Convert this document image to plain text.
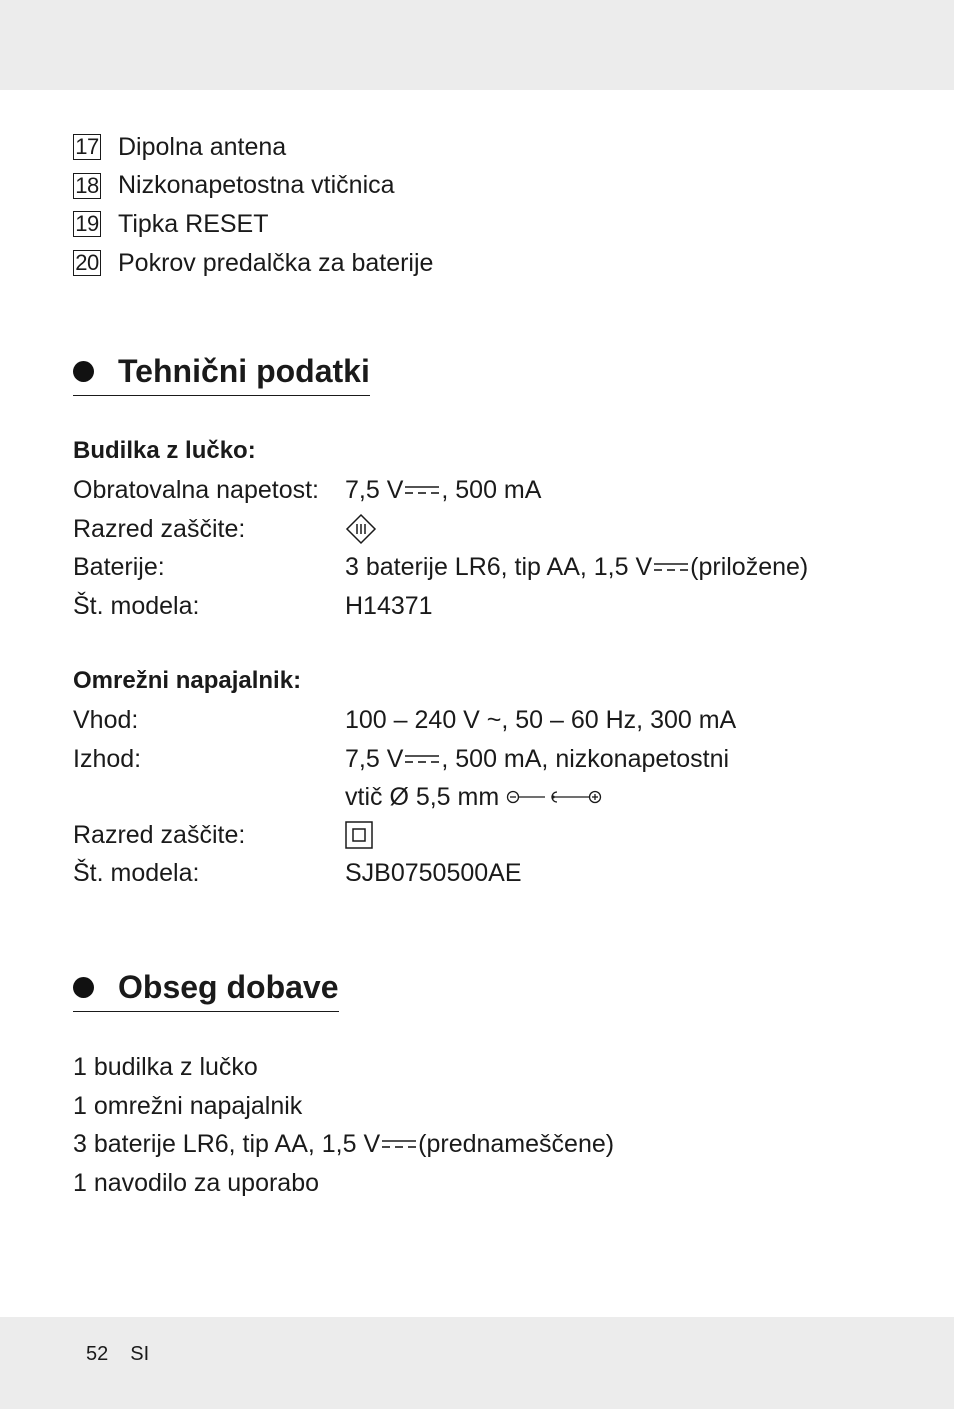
17 Dipolna antena
18 Nizkonapetostna vtičnica
19 Tipka RESET
20 Pokrov predalčka za baterije
Tehnični podatki
Budilka z lučko:
Obratovalna napetost:	7,5 V , 500 mA
Razred zaščite:
Baterije:	3 baterije LR6, tip AA, 1,5 V (priložene)
Št. modela:	H14371
Omrežni napajalnik:
Vhod:	100 – 240 V ~, 50 – 60 Hz, 300 mA
Izhod:	7,5 V , 500 mA, nizkonapetostni
vtič Ø 5,5 mm
Razred zaščite:
Št. modela:	SJB0750500AE
Obseg dobave
1 budilka z lučko
1 omrežni napajalnik
3 baterije LR6, tip AA, 1,5 V (prednameščene)
1 navodilo za uporabo
52 SI
